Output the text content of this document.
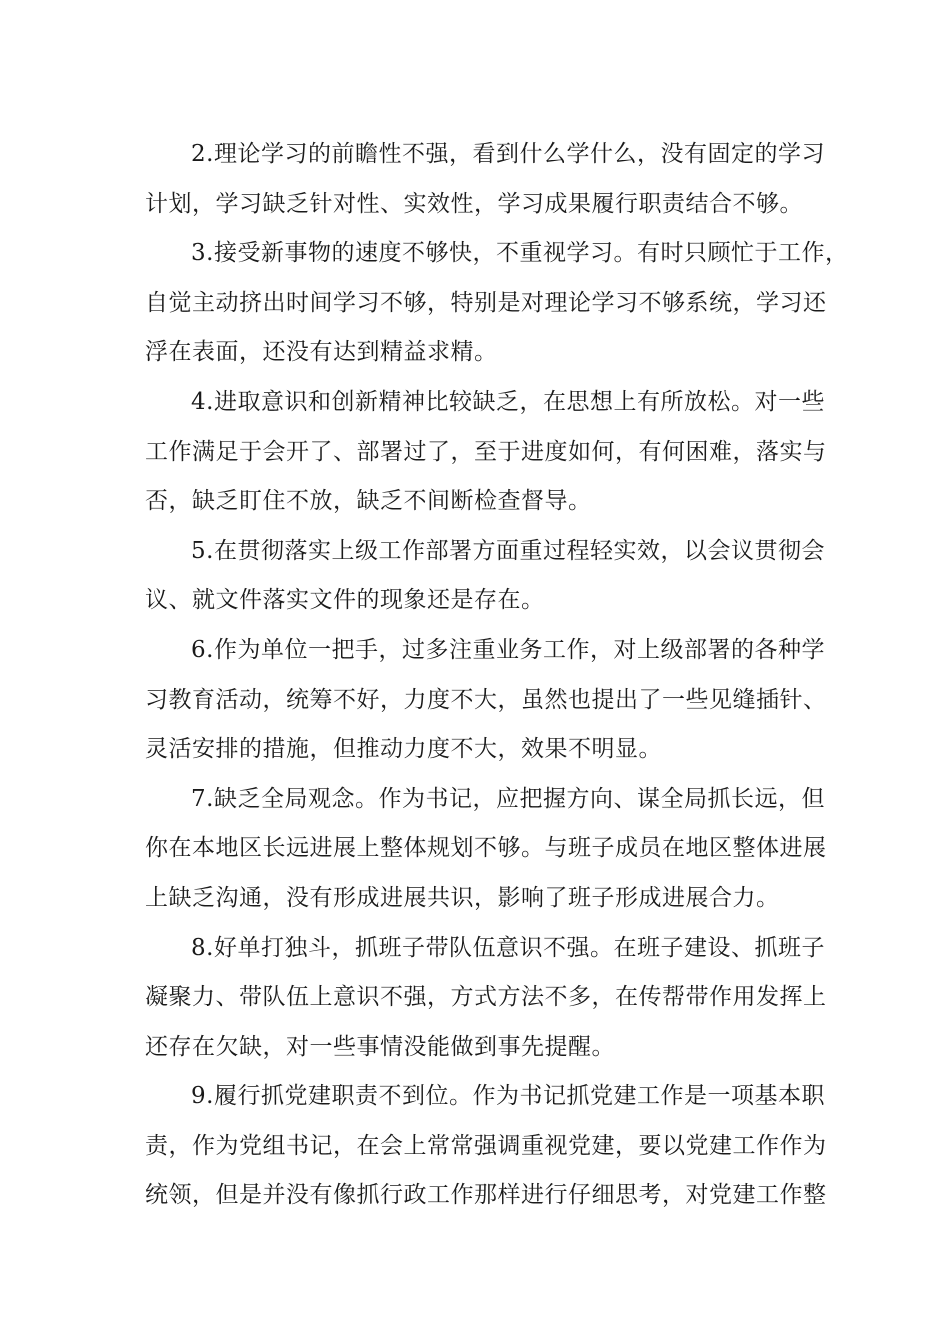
2.理论学习的前瞻性不强，看到什么学什么，没有固定的学习
计划，学习缺乏针对性、实效性，学习成果履行职责结合不够。

3.接受新事物的速度不够快，不重视学习。有时只顾忙于工作，
自觉主动挤出时间学习不够，特别是对理论学习不够系统，学习还
浮在表面，还没有达到精益求精。

4.进取意识和创新精神比较缺乏，在思想上有所放松。对一些
工作满足于会开了、部署过了，至于进度如何，有何困难，落实与
否，缺乏盯住不放，缺乏不间断检查督导。

5.在贯彻落实上级工作部署方面重过程轻实效，以会议贯彻会
议、就文件落实文件的现象还是存在。

6.作为单位一把手，过多注重业务工作，对上级部署的各种学
习教育活动，统筹不好，力度不大，虽然也提出了一些见缝插针、
灵活安排的措施，但推动力度不大，效果不明显。

7.缺乏全局观念。作为书记，应把握方向、谋全局抓长远，但
你在本地区长远进展上整体规划不够。与班子成员在地区整体进展
上缺乏沟通，没有形成进展共识，影响了班子形成进展合力。

8.好单打独斗，抓班子带队伍意识不强。在班子建设、抓班子
凝聚力、带队伍上意识不强，方式方法不多，在传帮带作用发挥上
还存在欠缺，对一些事情没能做到事先提醒。

9.履行抓党建职责不到位。作为书记抓党建工作是一项基本职
责，作为党组书记，在会上常常强调重视党建，要以党建工作作为
统领，但是并没有像抓行政工作那样进行仔细思考，对党建工作整
